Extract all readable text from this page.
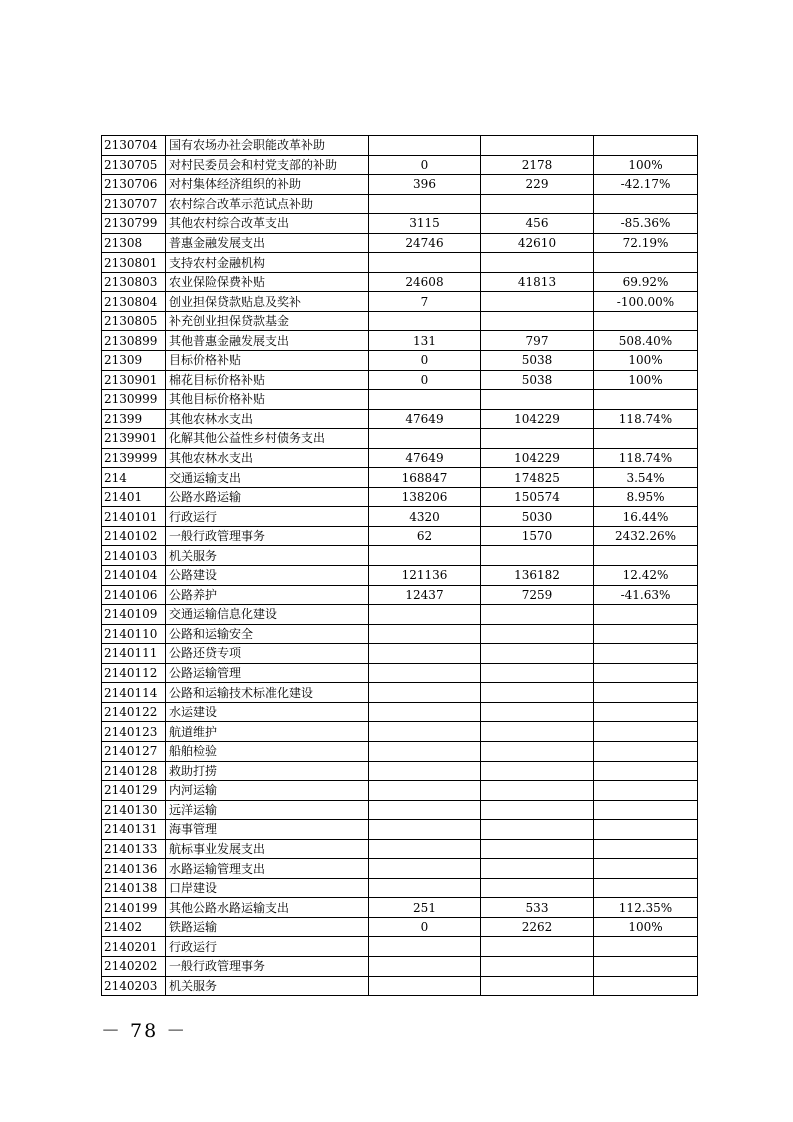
2130704	国有农场办社会职能改革补助			
2130705	对村民委员会和村党支部的补助	0	2178	100%
2130706	对村集体经济组织的补助	396	229	-42.17%
2130707	农村综合改革示范试点补助			
2130799	其他农村综合改革支出	3115	456	-85.36%
21308	普惠金融发展支出	24746	42610	72.19%
2130801	支持农村金融机构			
2130803	农业保险保费补贴	24608	41813	69.92%
2130804	创业担保贷款贴息及奖补	7		-100.00%
2130805	补充创业担保贷款基金			
2130899	其他普惠金融发展支出	131	797	508.40%
21309	目标价格补贴	0	5038	100%
2130901	棉花目标价格补贴	0	5038	100%
2130999	其他目标价格补贴			
21399	其他农林水支出	47649	104229	118.74%
2139901	化解其他公益性乡村债务支出			
2139999	其他农林水支出	47649	104229	118.74%
214	交通运输支出	168847	174825	3.54%
21401	公路水路运输	138206	150574	8.95%
2140101	行政运行	4320	5030	16.44%
2140102	一般行政管理事务	62	1570	2432.26%
2140103	机关服务			
2140104	公路建设	121136	136182	12.42%
2140106	公路养护	12437	7259	-41.63%
2140109	交通运输信息化建设			
2140110	公路和运输安全			
2140111	公路还贷专项			
2140112	公路运输管理			
2140114	公路和运输技术标准化建设			
2140122	水运建设			
2140123	航道维护			
2140127	船舶检验			
2140128	救助打捞			
2140129	内河运输			
2140130	远洋运输			
2140131	海事管理			
2140133	航标事业发展支出			
2140136	水路运输管理支出			
2140138	口岸建设			
2140199	其他公路水路运输支出	251	533	112.35%
21402	铁路运输	0	2262	100%
2140201	行政运行			
2140202	一般行政管理事务			
2140203	机关服务			
－ 78 －
